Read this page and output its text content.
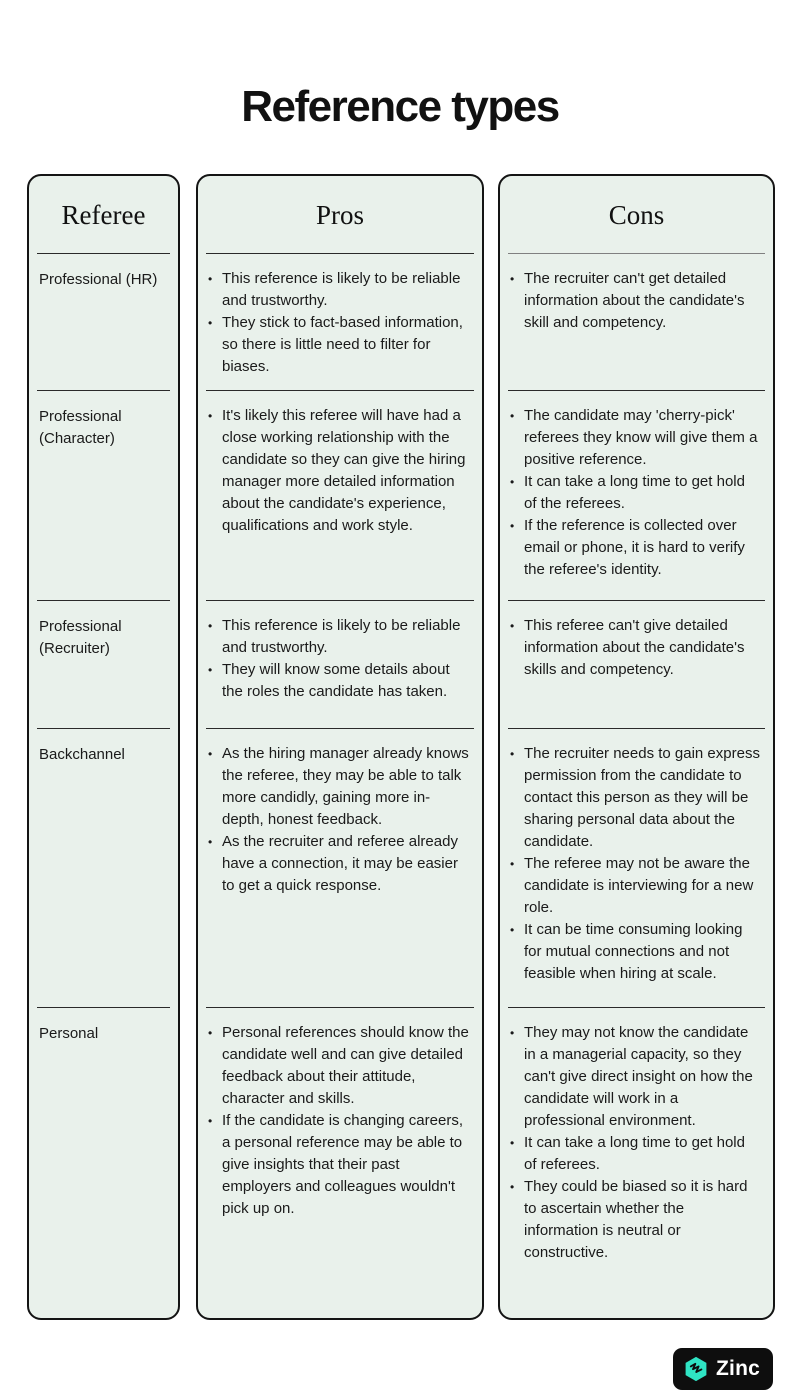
Reference types
Referee
Professional (HR)
Professional (Character)
Professional (Recruiter)
Backchannel
Personal
Pros
• This reference is likely to be reliable and trustworthy.
• They stick to fact-based information, so there is little need to filter for biases.
• It's likely this referee will have had a close working relationship with the candidate so they can give the hiring manager more detailed information about the candidate's experience, qualifications and work style.
• This reference is likely to be reliable and trustworthy.
• They will know some details about the roles the candidate has taken.
• As the hiring manager already knows the referee, they may be able to talk more candidly, gaining more in-depth, honest feedback.
• As the recruiter and referee already have a connection, it may be easier to get a quick response.
• Personal references should know the candidate well and can give detailed feedback about their attitude, character and skills.
• If the candidate is changing careers, a personal reference may be able to give insights that their past employers and colleagues wouldn't pick up on.
Cons
• The recruiter can't get detailed information about the candidate's skill and competency.
• The candidate may 'cherry-pick' referees they know will give them a positive reference.
• It can take a long time to get hold of the referees.
• If the reference is collected over email or phone, it is hard to verify the referee's identity.
• This referee can't give detailed information about the candidate's skills and competency.
• The recruiter needs to gain express permission from the candidate to contact this person as they will be sharing personal data about the candidate.
• The referee may not be aware the candidate is interviewing for a new role.
• It can be time consuming looking for mutual connections and not feasible when hiring at scale.
• They may not know the candidate in a managerial capacity, so they can't give direct insight on how the candidate will work in a professional environment.
• It can take a long time to get hold of referees.
• They could be biased so it is hard to ascertain whether the information is neutral or constructive.
Zinc
